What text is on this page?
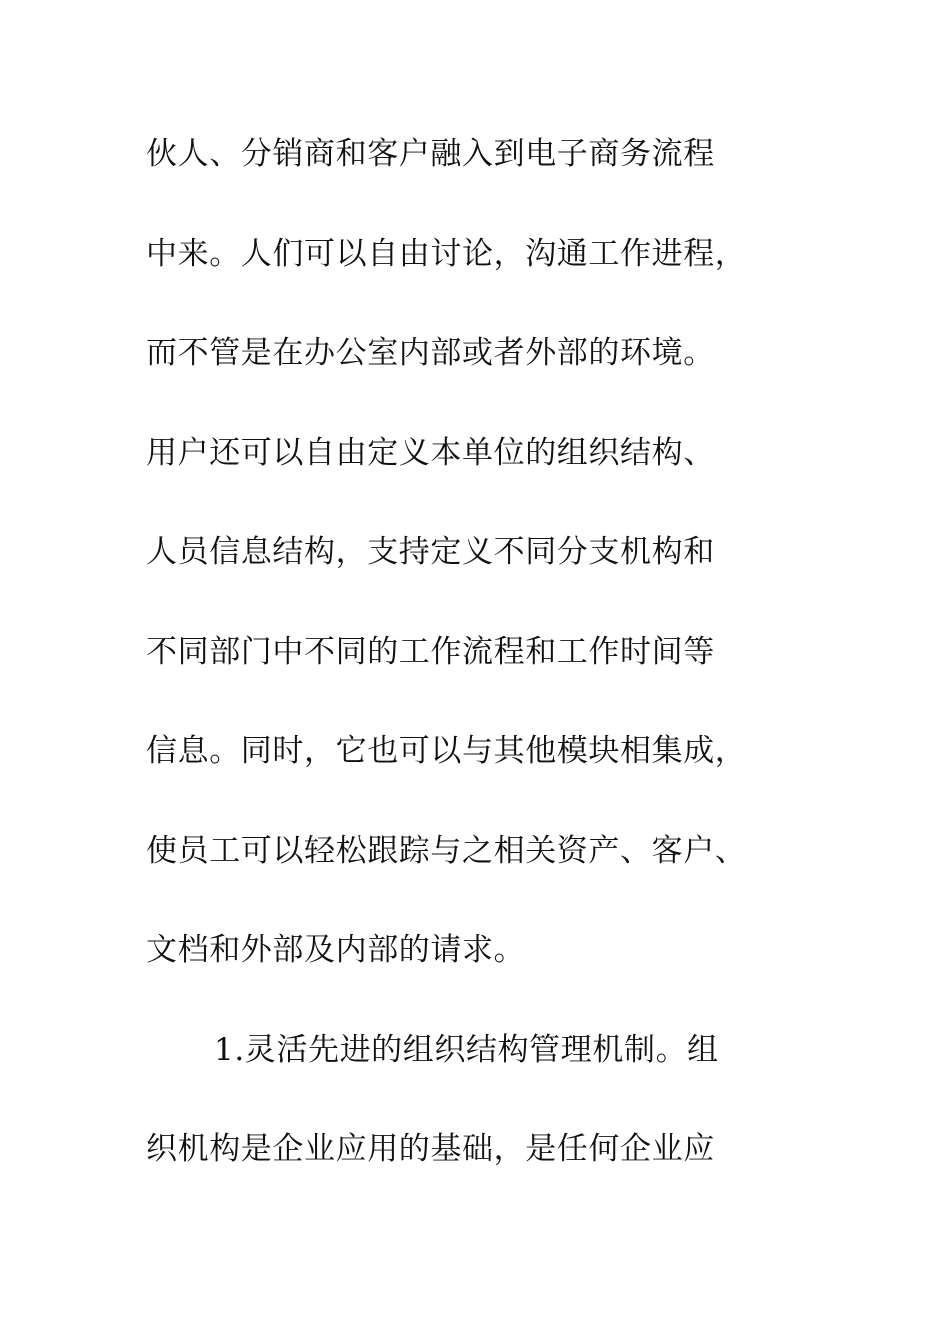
伙人、分销商和客户融入到电子商务流程
中来。人们可以自由讨论，沟通工作进程，
而不管是在办公室内部或者外部的环境。
用户还可以自由定义本单位的组织结构、
人员信息结构，支持定义不同分支机构和
不同部门中不同的工作流程和工作时间等
信息。同时，它也可以与其他模块相集成，
使员工可以轻松跟踪与之相关资产、客户、
文档和外部及内部的请求。
1.灵活先进的组织结构管理机制。组
织机构是企业应用的基础，是任何企业应
